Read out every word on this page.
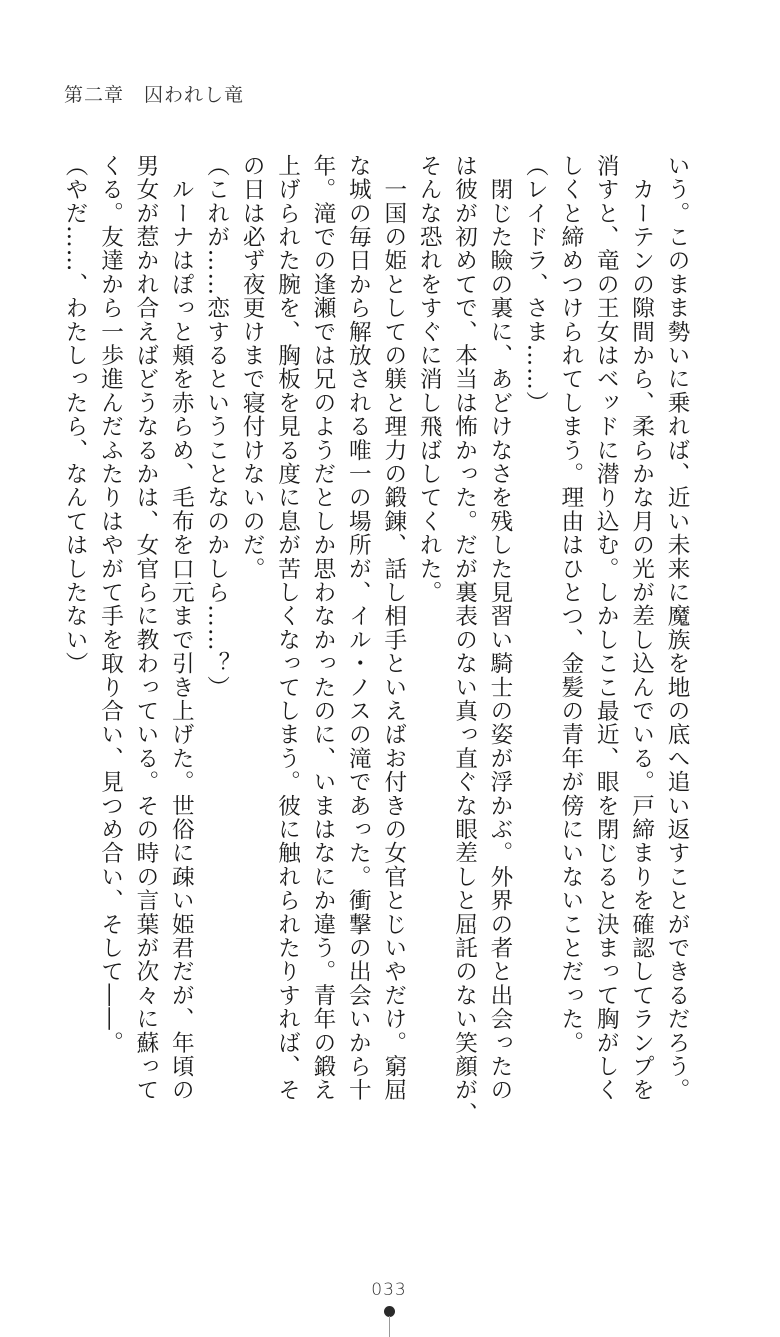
第二章　囚われし竜
いう。このまま勢いに乗れば、近い未来に魔族を地の底へ追い返すことができるだろう。
　カーテンの隙間から、柔らかな月の光が差し込んでいる。戸締まりを確認してランプを
消すと、竜の王女はベッドに潜り込む。しかしここ最近、眼を閉じると決まって胸がしく
しくと締めつけられてしまう。理由はひとつ、金髪の青年が傍にいないことだった。
（レイドラ、さま……）
　閉じた瞼の裏に、あどけなさを残した見習い騎士の姿が浮かぶ。外界の者と出会ったの
は彼が初めてで、本当は怖かった。だが裏表のない真っ直ぐな眼差しと屈託のない笑顔が、
そんな恐れをすぐに消し飛ばしてくれた。
　一国の姫としての躾と理力の鍛錬、話し相手といえばお付きの女官とじいやだけ。窮屈
な城の毎日から解放される唯一の場所が、イル・ノスの滝であった。衝撃の出会いから十
年。滝での逢瀬では兄のようだとしか思わなかったのに、いまはなにか違う。青年の鍛え
上げられた腕を、胸板を見る度に息が苦しくなってしまう。彼に触れられたりすれば、そ
の日は必ず夜更けまで寝付けないのだ。
（これが……恋するということなのかしら……？）
　ルーナはぽっと頬を赤らめ、毛布を口元まで引き上げた。世俗に疎い姫君だが、年頃の
男女が惹かれ合えばどうなるかは、女官らに教わっている。その時の言葉が次々に蘇って
くる。友達から一歩進んだふたりはやがて手を取り合い、見つめ合い、そして――。
（やだ……、わたしったら、なんてはしたない）
033
